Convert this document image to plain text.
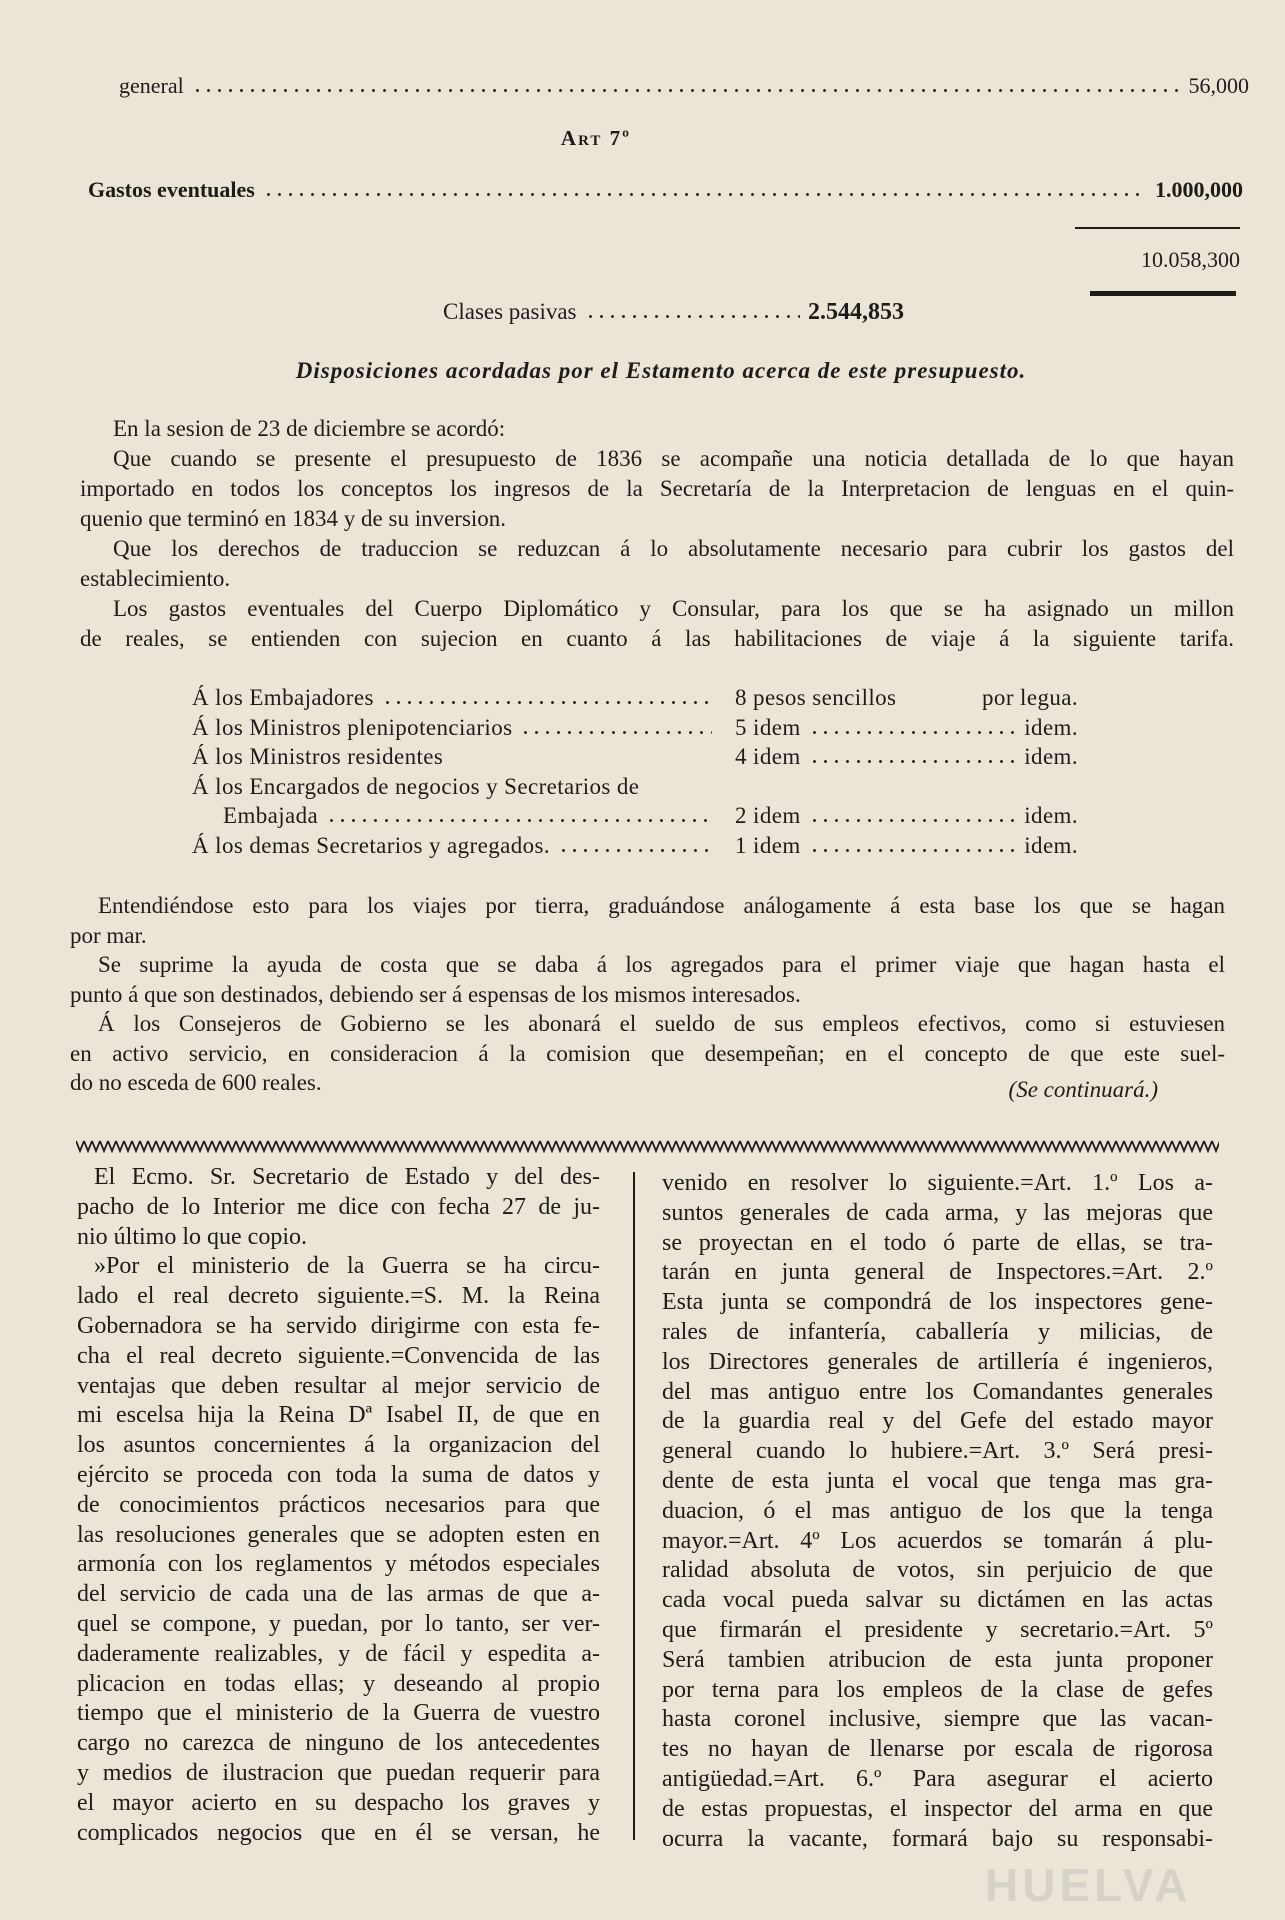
general	56,000
Art 7º
Gastos eventuales	1.000,000
10.058,300
Clases pasivas	2.544,853
Disposiciones acordadas por el Estamento acerca de este presupuesto.
En la sesion de 23 de diciembre se acordó:
Que cuando se presente el presupuesto de 1836 se acompañe una noticia detallada de lo que hayan
importado en todos los conceptos los ingresos de la Secretaría de la Interpretacion de lenguas en el quin-
quenio que terminó en 1834 y de su inversion.
Que los derechos de traduccion se reduzcan á lo absolutamente necesario para cubrir los gastos del
establecimiento.
Los gastos eventuales del Cuerpo Diplomático y Consular, para los que se ha asignado un millon
de reales, se entienden con sujecion en cuanto á las habilitaciones de viaje á la siguiente tarifa.
Á los Embajadores	8 pesos sencillos	por legua.
Á los Ministros plenipotenciarios	5 idem	idem.
Á los Ministros residentes	4 idem	idem.
Á los Encargados de negocios y Secretarios de
Embajada	2 idem	idem.
Á los demas Secretarios y agregados.	1 idem	idem.
Entendiéndose esto para los viajes por tierra, graduándose análogamente á esta base los que se hagan
por mar.
Se suprime la ayuda de costa que se daba á los agregados para el primer viaje que hagan hasta el
punto á que son destinados, debiendo ser á espensas de los mismos interesados.
Á los Consejeros de Gobierno se les abonará el sueldo de sus empleos efectivos, como si estuviesen
en activo servicio, en consideracion á la comision que desempeñan; en el concepto de que este suel-
do no esceda de 600 reales.	(Se continuará.)
El Ecmo. Sr. Secretario de Estado y del des-
pacho de lo Interior me dice con fecha 27 de ju-
nio último lo que copio.
»Por el ministerio de la Guerra se ha circu-
lado el real decreto siguiente.=S. M. la Reina
Gobernadora se ha servido dirigirme con esta fe-
cha el real decreto siguiente.=Convencida de las
ventajas que deben resultar al mejor servicio de
mi escelsa hija la Reina Dª Isabel II, de que en
los asuntos concernientes á la organizacion del
ejército se proceda con toda la suma de datos y
de conocimientos prácticos necesarios para que
las resoluciones generales que se adopten esten en
armonía con los reglamentos y métodos especiales
del servicio de cada una de las armas de que a-
quel se compone, y puedan, por lo tanto, ser ver-
daderamente realizables, y de fácil y espedita a-
plicacion en todas ellas; y deseando al propio
tiempo que el ministerio de la Guerra de vuestro
cargo no carezca de ninguno de los antecedentes
y medios de ilustracion que puedan requerir para
el mayor acierto en su despacho los graves y
complicados negocios que en él se versan, he
venido en resolver lo siguiente.=Art. 1.º Los a-
suntos generales de cada arma, y las mejoras que
se proyectan en el todo ó parte de ellas, se tra-
tarán en junta general de Inspectores.=Art. 2.º
Esta junta se compondrá de los inspectores gene-
rales de infantería, caballería y milicias, de
los Directores generales de artillería é ingenieros,
del mas antiguo entre los Comandantes generales
de la guardia real y del Gefe del estado mayor
general cuando lo hubiere.=Art. 3.º Será presi-
dente de esta junta el vocal que tenga mas gra-
duacion, ó el mas antiguo de los que la tenga
mayor.=Art. 4º Los acuerdos se tomarán á plu-
ralidad absoluta de votos, sin perjuicio de que
cada vocal pueda salvar su dictámen en las actas
que firmarán el presidente y secretario.=Art. 5º
Será tambien atribucion de esta junta proponer
por terna para los empleos de la clase de gefes
hasta coronel inclusive, siempre que las vacan-
tes no hayan de llenarse por escala de rigorosa
antigüedad.=Art. 6.º Para asegurar el acierto
de estas propuestas, el inspector del arma en que
ocurra la vacante, formará bajo su responsabi-
HUELVA
